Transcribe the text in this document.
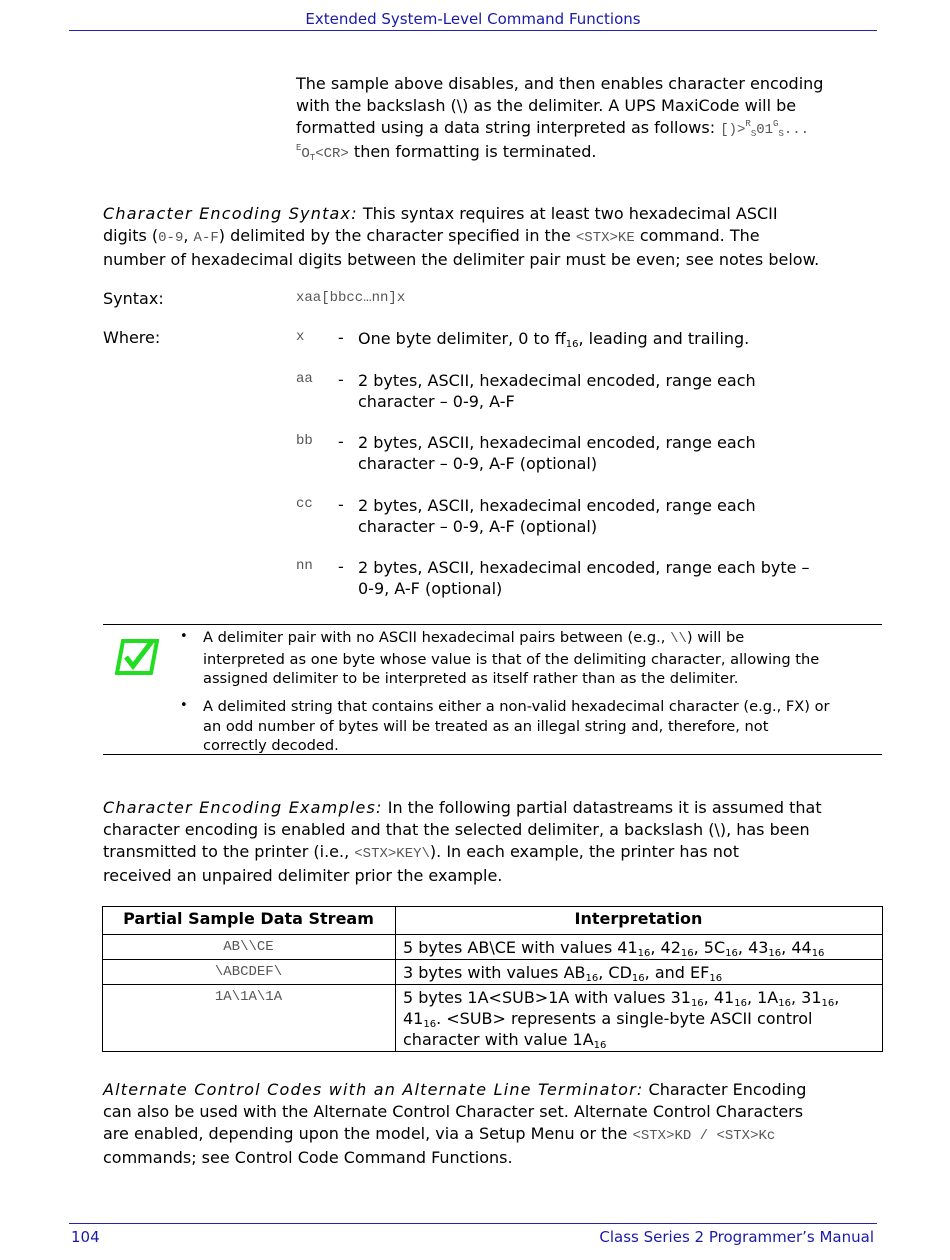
Extended System-Level Command Functions

The sample above disables, and then enables character encoding

with the backslash (\) as the delimiter. A UPS MaxiCode will be

formatted using a data string interpreted as follows: $[)>^R_S01^G_S$...

$^EO_T<CR>$ then formatting is terminated.

Character Encoding Syntax: This syntax requires at least two hexadecimal ASCII

digits (0-9, A-F) delimited by the character specified in the <STX>KE command. The

number of hexadecimal digits between the delimiter pair must be even; see notes below.

Syntax:	xaa[bbcc…nn]x
Where:	x - One byte delimiter, 0 to $ff_{16}$, leading and trailing.
aa - 2 bytes, ASCII, hexadecimal encoded, range each
character – 0-9, A-F
bb - 2 bytes, ASCII, hexadecimal encoded, range each
character – 0-9, A-F (optional)
cc - 2 bytes, ASCII, hexadecimal encoded, range each
character – 0-9, A-F (optional)
nn - 2 bytes, ASCII, hexadecimal encoded, range each byte –
0-9, A-F (optional)
• A delimiter pair with no ASCII hexadecimal pairs between (e.g., \\) will be
interpreted as one byte whose value is that of the delimiting character, allowing the
assigned delimiter to be interpreted as itself rather than as the delimiter.
• A delimited string that contains either a non-valid hexadecimal character (e.g., FX) or
an odd number of bytes will be treated as an illegal string and, therefore, not
correctly decoded.

Character Encoding Examples: In the following partial datastreams it is assumed that

character encoding is enabled and that the selected delimiter, a backslash (\), has been

transmitted to the printer (i.e., <STX>KEY\). In each example, the printer has not

received an unpaired delimiter prior the example.

Partial Sample Data Stream	Interpretation
AB\\CE	5 bytes AB\CE with values $41_{16}$, $42_{16}$, $5C_{16}$, $43_{16}$, $44_{16}$
\ABCDEF\	3 bytes with values $AB_{16}$, $CD_{16}$, and $EF_{16}$
1A\1A\1A	5 bytes 1A<SUB>1A with values $31_{16}$, $41_{16}$, $1A_{16}$, $31_{16}$, $41_{16}$. <SUB> represents a single-byte ASCII control character with value $1A_{16}$

Alternate Control Codes with an Alternate Line Terminator: Character Encoding

can also be used with the Alternate Control Character set. Alternate Control Characters

are enabled, depending upon the model, via a Setup Menu or the <STX>KD / <STX>Kc

commands; see Control Code Command Functions.

104	Class Series 2 Programmer’s Manual
